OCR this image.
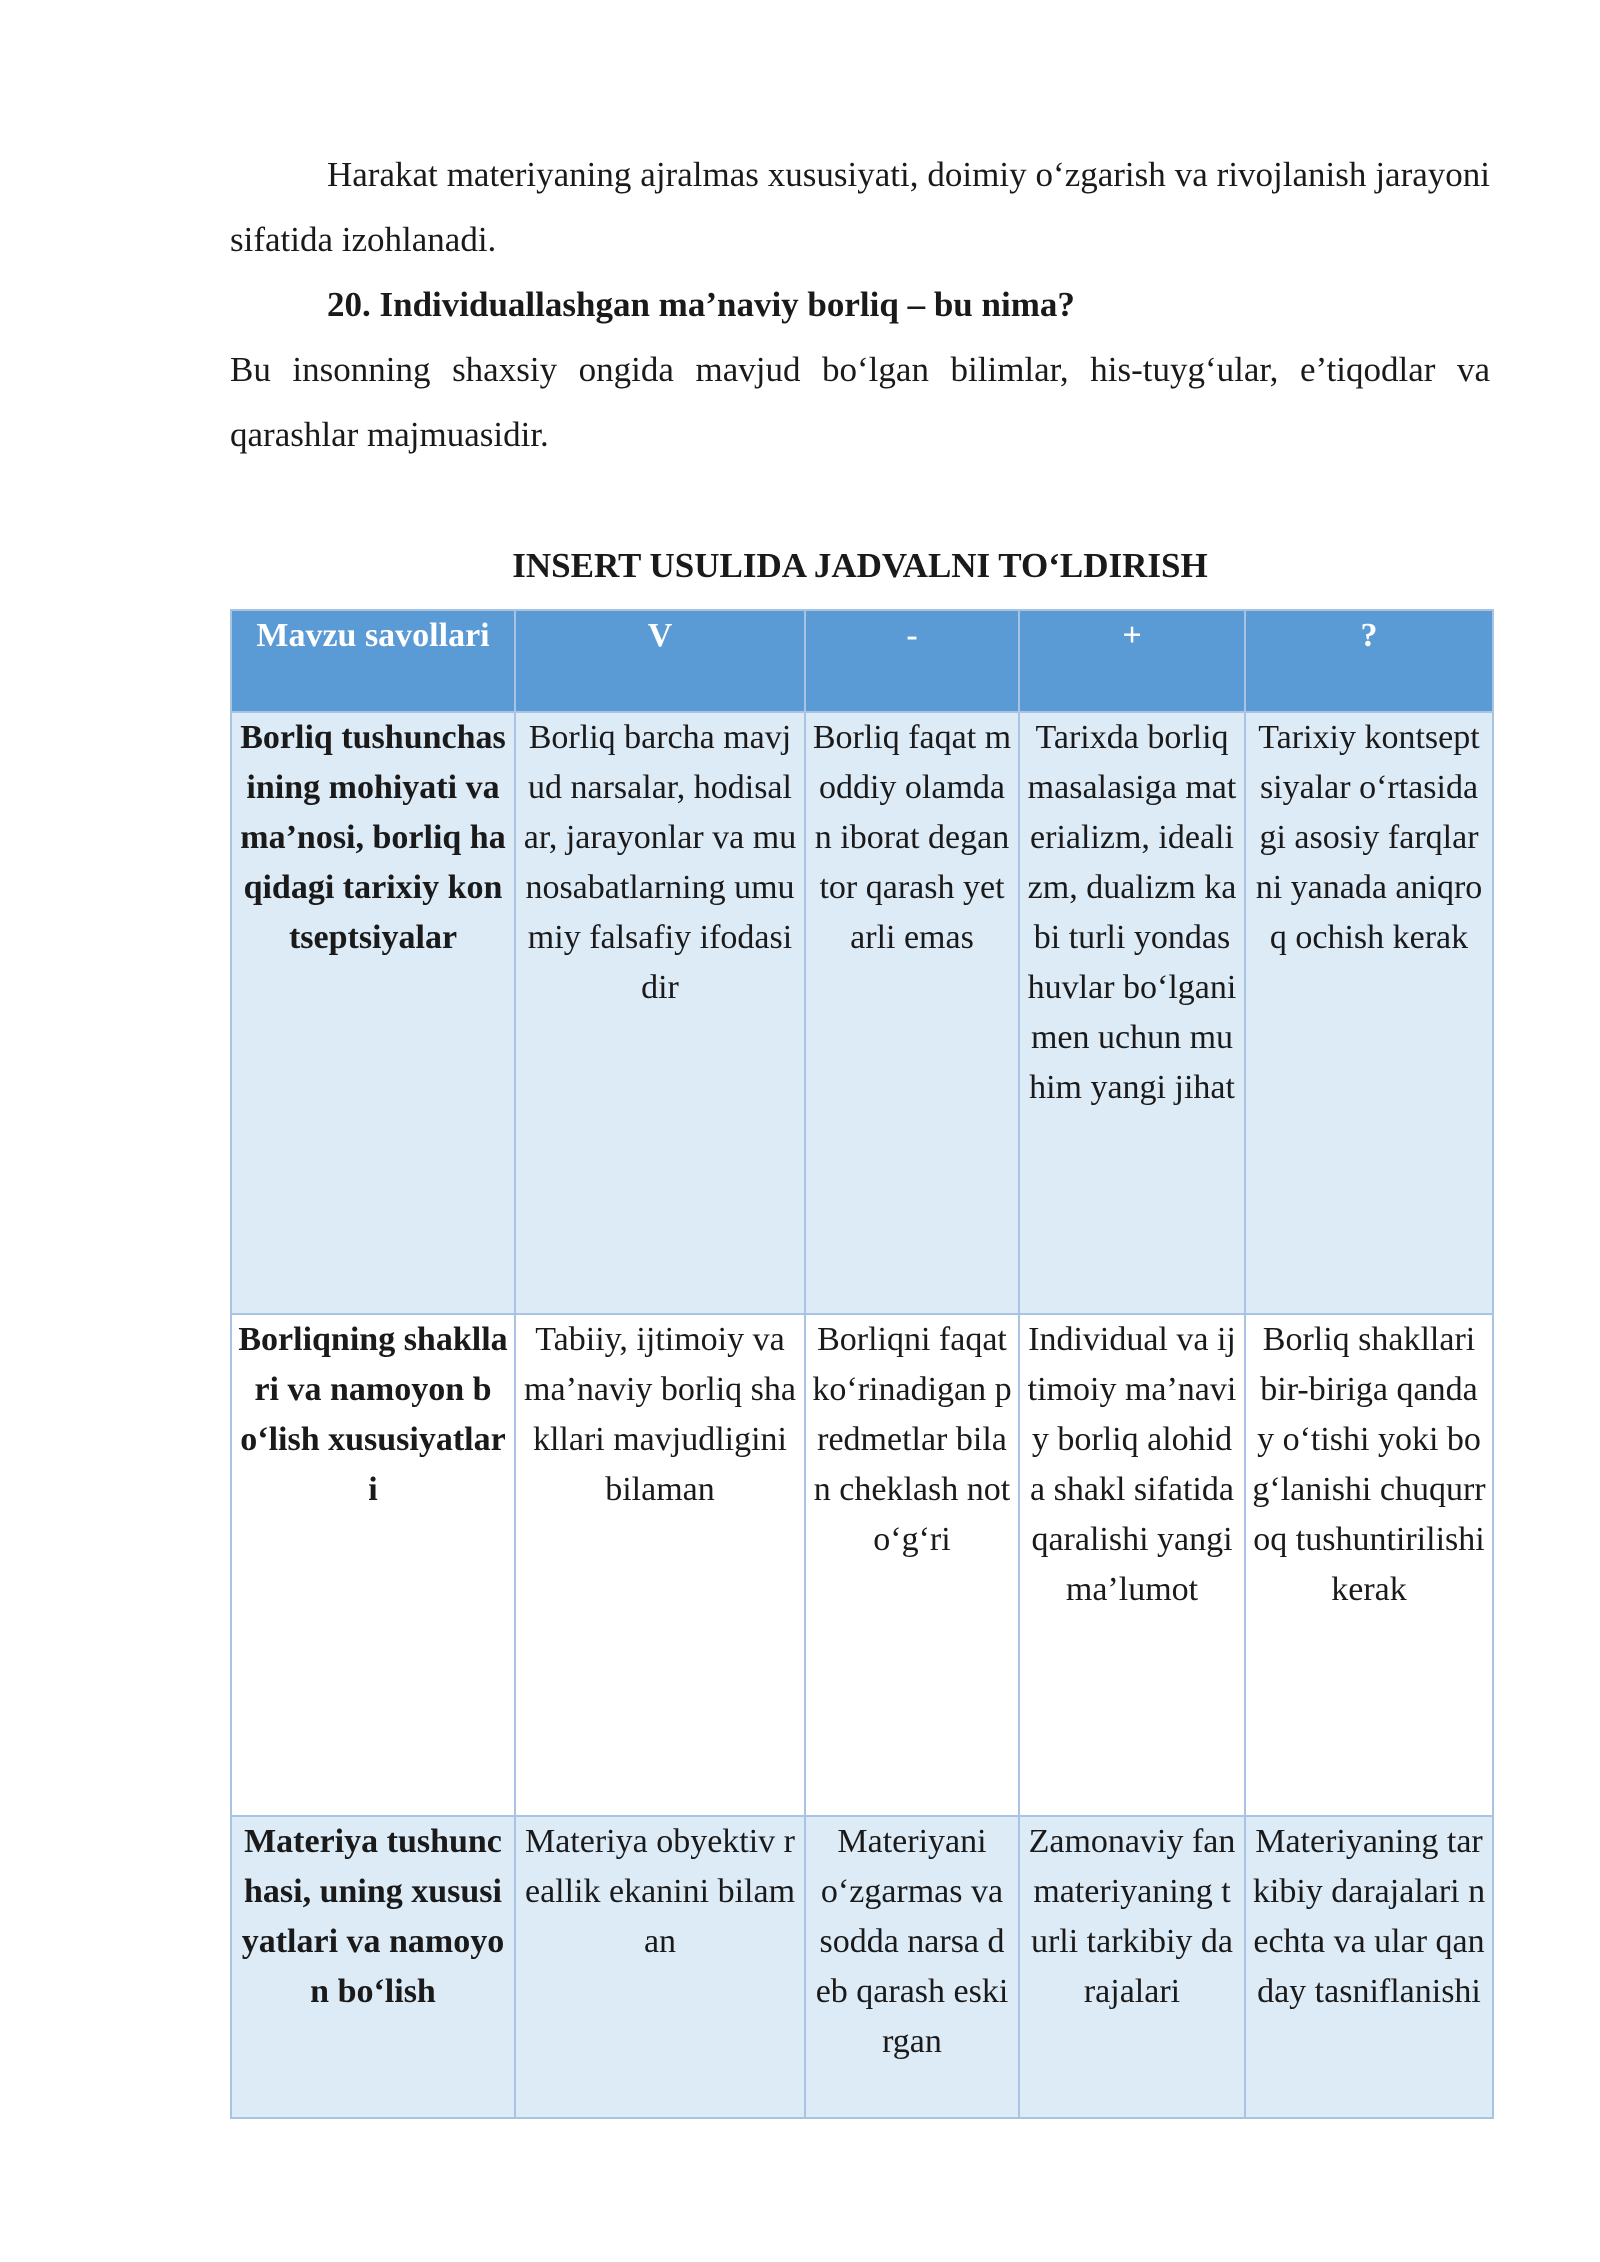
Harakat materiyaning ajralmas xususiyati, doimiy o‘zgarish va rivojlanish jarayoni sifatida izohlanadi.

20. Individuallashgan ma’naviy borliq – bu nima?

Bu insonning shaxsiy ongida mavjud bo‘lgan bilimlar, his-tuyg‘ular, e’tiqodlar va qarashlar majmuasidir.

INSERT USULIDA JADVALNI TO‘LDIRISH
Mavzu savollari	V	-	+	?
Borliq tushunchasining mohiyati va ma’nosi, borliq haqidagi tarixiy kontseptsiyalar	Borliq barcha mavjud narsalar, hodisalar, jarayonlar va munosabatlarning umumiy falsafiy ifodasidir	Borliq faqat moddiy olamdan iborat degan tor qarash yetarli emas	Tarixda borliq masalasiga materializm, idealizm, dualizm kabi turli yondashuvlar bo‘lgani men uchun muhim yangi jihat	Tarixiy kontseptsiyalar o‘rtasidagi asosiy farqlarni yanada aniqroq ochish kerak
Borliqning shakllari va namoyon bo‘lish xususiyatlari	Tabiiy, ijtimoiy va ma’naviy borliq shakllari mavjudligini bilaman	Borliqni faqat ko‘rinadigan predmetlar bilan cheklash noto‘g‘ri	Individual va ijtimoiy ma’naviy borliq alohida shakl sifatida qaralishi yangi ma’lumot	Borliq shakllari bir-biriga qanday o‘tishi yoki bog‘lanishi chuqurroq tushuntirilishi kerak
Materiya tushunchasi, uning xususiyatlari va namoyon bo‘lish	Materiya obyektiv reallik ekanini bilaman	Materiyani o‘zgarmas va sodda narsa deb qarash eskirgan	Zamonaviy fan materiyaning turli tarkibiy darajalari	Materiyaning tarkibiy darajalari nechta va ular qanday tasniflanishi
